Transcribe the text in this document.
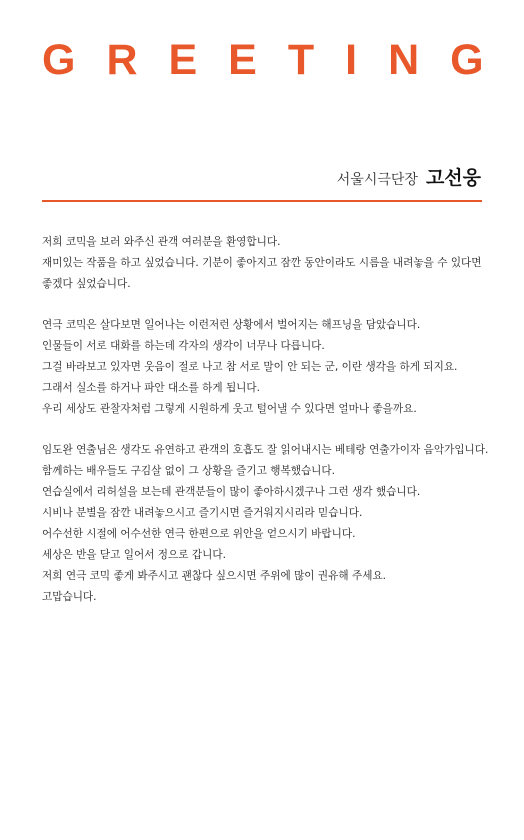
GREETING
서울시극단장 고선웅

저희 코믹을 보러 와주신 관객 여러분을 환영합니다.
재미있는 작품을 하고 싶었습니다. 기분이 좋아지고 잠깐 동안이라도 시름을 내려놓을 수 있다면
좋겠다 싶었습니다.

연극 코믹은 살다보면 일어나는 이런저런 상황에서 벌어지는 해프닝을 담았습니다.
인물들이 서로 대화를 하는데 각자의 생각이 너무나 다릅니다.
그걸 바라보고 있자면 웃음이 절로 나고 참 서로 말이 안 되는 군, 이란 생각을 하게 되지요.
그래서 실소를 하거나 파안 대소를 하게 됩니다.
우리 세상도 관찰자처럼 그렇게 시원하게 웃고 털어낼 수 있다면 얼마나 좋을까요.

임도완 연출님은 생각도 유연하고 관객의 호흡도 잘 읽어내시는 베테랑 연출가이자 음악가입니다.
함께하는 배우들도 구김살 없이 그 상황을 즐기고 행복했습니다.
연습실에서 리허설을 보는데 관객분들이 많이 좋아하시겠구나 그런 생각 했습니다.
시비나 분별을 잠깐 내려놓으시고 즐기시면 즐거워지시리라 믿습니다.
어수선한 시절에 어수선한 연극 한편으로 위안을 얻으시기 바랍니다.
세상은 반을 닫고 일어서 정으로 갑니다.
저희 연극 코믹 좋게 봐주시고 괜찮다 싶으시면 주위에 많이 권유해 주세요.
고맙습니다.
